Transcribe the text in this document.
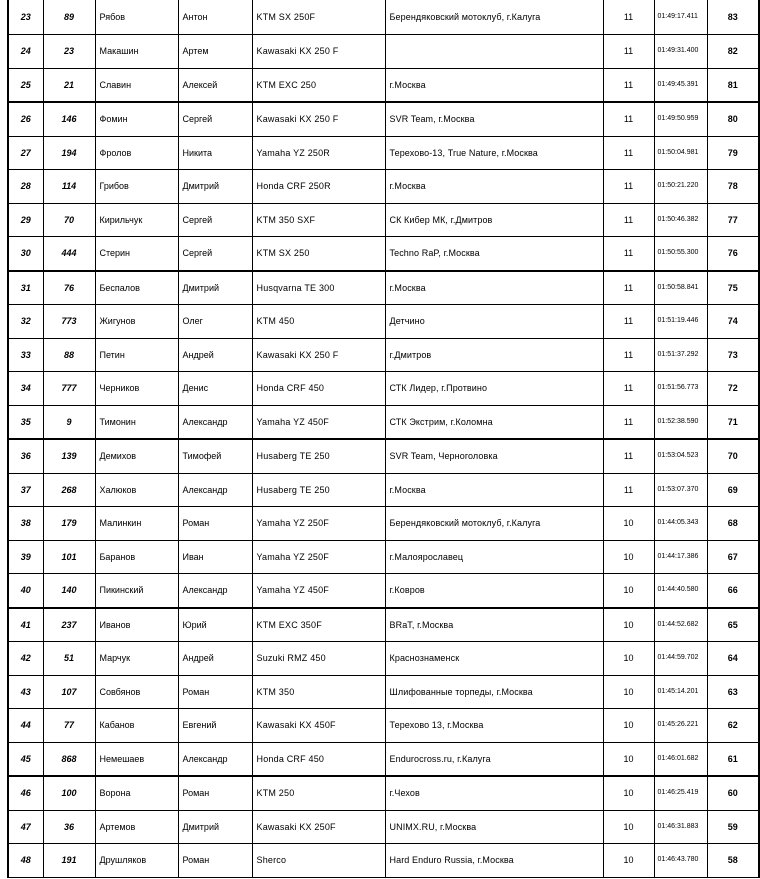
23	89	Рябов	Антон	KTM SX 250F	Берендяковский мотоклуб, г.Калуга	11	01:49:17.411	83
24	23	Макашин	Артем	Kawasaki KX 250 F		11	01:49:31.400	82
25	21	Славин	Алексей	KTM EXC 250	г.Москва	11	01:49:45.391	81
26	146	Фомин	Сергей	Kawasaki KX 250 F	SVR Team, г.Москва	11	01:49:50.959	80
27	194	Фролов	Никита	Yamaha YZ 250R	Терехово-13, True Nature, г.Москва	11	01:50:04.981	79
28	114	Грибов	Дмитрий	Honda CRF 250R	г.Москва	11	01:50:21.220	78
29	70	Кирильчук	Сергей	KTM 350 SXF	СК Кибер МК, г.Дмитров	11	01:50:46.382	77
30	444	Стерин	Сергей	KTM SX 250	Techno RaP, г.Москва	11	01:50:55.300	76
31	76	Беспалов	Дмитрий	Husqvarna TE 300	г.Москва	11	01:50:58.841	75
32	773	Жигунов	Олег	KTM 450	Детчино	11	01:51:19.446	74
33	88	Петин	Андрей	Kawasaki KX 250 F	г.Дмитров	11	01:51:37.292	73
34	777	Черников	Денис	Honda CRF 450	СТК Лидер, г.Протвино	11	01:51:56.773	72
35	9	Тимонин	Александр	Yamaha YZ 450F	СТК Экстрим, г.Коломна	11	01:52:38.590	71
36	139	Демихов	Тимофей	Husaberg TE 250	SVR Team, Черноголовка	11	01:53:04.523	70
37	268	Халюков	Александр	Husaberg TE 250	г.Москва	11	01:53:07.370	69
38	179	Малинкин	Роман	Yamaha YZ 250F	Берендяковский мотоклуб, г.Калуга	10	01:44:05.343	68
39	101	Баранов	Иван	Yamaha YZ 250F	г.Малоярославец	10	01:44:17.386	67
40	140	Пикинский	Александр	Yamaha YZ 450F	г.Ковров	10	01:44:40.580	66
41	237	Иванов	Юрий	KTM EXC 350F	BRaT, г.Москва	10	01:44:52.682	65
42	51	Марчук	Андрей	Suzuki RMZ 450	Краснознаменск	10	01:44:59.702	64
43	107	Совбянов	Роман	KTM 350	Шлифованные торпеды, г.Москва	10	01:45:14.201	63
44	77	Кабанов	Евгений	Kawasaki KX 450F	Терехово 13, г.Москва	10	01:45:26.221	62
45	868	Немешаев	Александр	Honda CRF 450	Endurocross.ru, г.Калуга	10	01:46:01.682	61
46	100	Ворона	Роман	KTM 250	г.Чехов	10	01:46:25.419	60
47	36	Артемов	Дмитрий	Kawasaki KX 250F	UNIMX.RU, г.Москва	10	01:46:31.883	59
48	191	Друшляков	Роман	Sherco	Hard Enduro Russia, г.Москва	10	01:46:43.780	58
